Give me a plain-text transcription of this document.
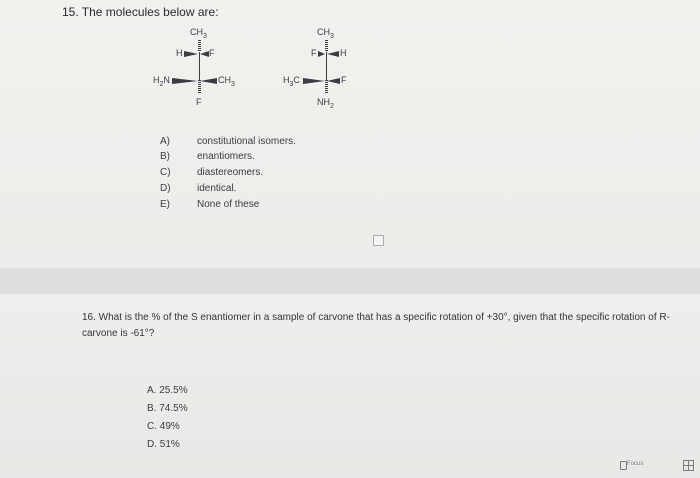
15. The molecules below are:
$CH_3$
H	F
$H_2N$	$CH_3$
F
$CH_3$
F	H
$H_3C$	F
$NH_2$
A)	constitutional isomers.
B)	enantiomers.
C)	diastereomers.
D)	identical.
E)	None of these
16. What is the % of the S enantiomer in a sample of carvone that has a specific rotation of +30°, given that the specific rotation of R-carvone is -61°?
A. 25.5%
B. 74.5%
C. 49%
D. 51%
Focus
